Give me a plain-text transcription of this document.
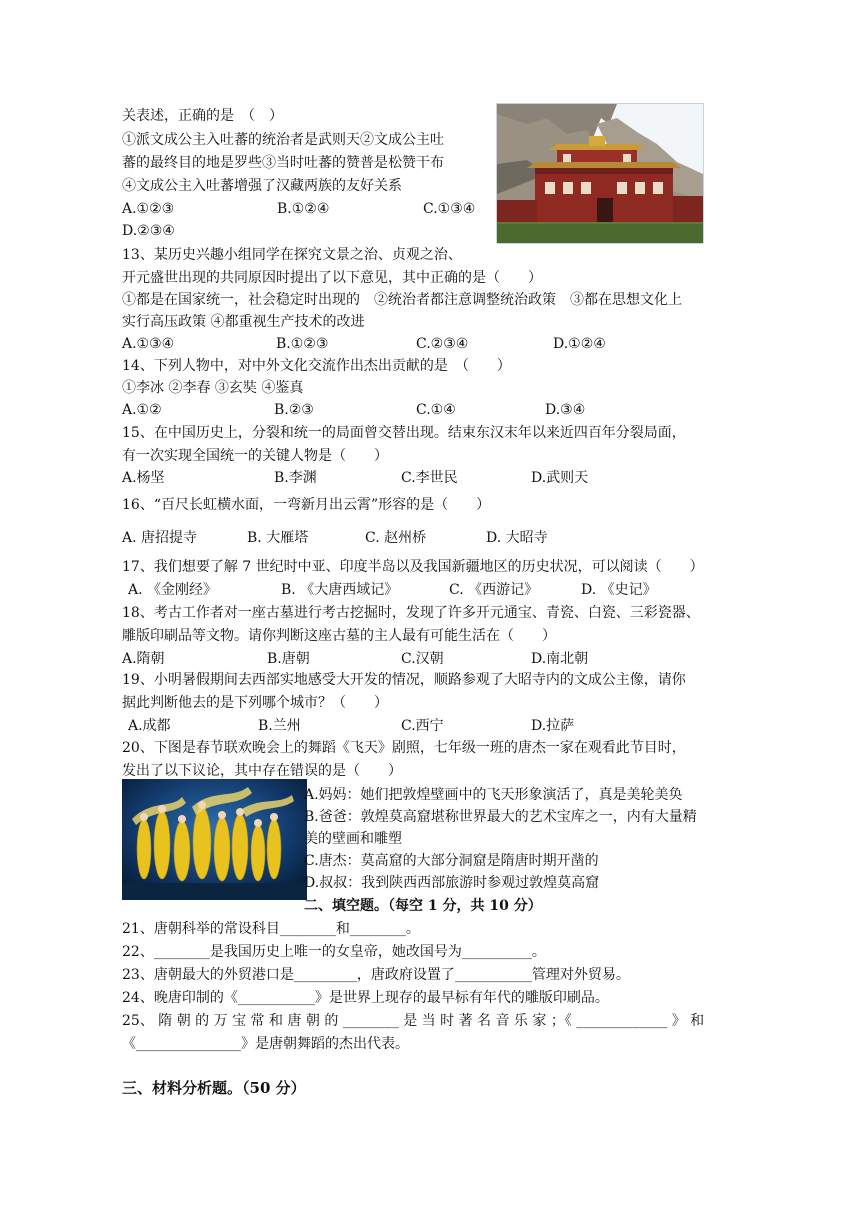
关表述，正确的是　（　）
①派文成公主入吐蕃的统治者是武则天②文成公主吐
蕃的最终目的地是罗些③当时吐蕃的赞普是松赞干布
④文成公主入吐蕃增强了汉藏两族的友好关系
A.①②③	B.①②④	C.①③④
D.②③④
13、某历史兴趣小组同学在探究文景之治、贞观之治、
开元盛世出现的共同原因时提出了以下意见，其中正确的是（　　）
①都是在国家统一，社会稳定时出现的　②统治者都注意调整统治政策　③都在思想文化上
实行高压政策 ④都重视生产技术的改进
A.①③④	B.①②③	C.②③④	D.①②④
14、下列人物中，对中外文化交流作出杰出贡献的是　（　　）
①李冰 ②李春 ③玄奘 ④鉴真
A.①②	B.②③	C.①④	D.③④
15、在中国历史上，分裂和统一的局面曾交替出现。结束东汉末年以来近四百年分裂局面，
有一次实现全国统一的关键人物是（　　）
A.杨坚	B.李渊	C.李世民	D.武则天
16、“百尺长虹横水面，一弯新月出云霄”形容的是（　　）
A. 唐招提寺	B. 大雁塔	C. 赵州桥	D. 大昭寺
17、我们想要了解 7 世纪时中亚、印度半岛以及我国新疆地区的历史状况，可以阅读（　　）
A. 《金刚经》	B. 《大唐西域记》	C. 《西游记》	D. 《史记》
18、考古工作者对一座古墓进行考古挖掘时，发现了许多开元通宝、青瓷、白瓷、三彩瓷器、
雕版印刷品等文物。请你判断这座古墓的主人最有可能生活在（　　）
A.隋朝	B.唐朝	C.汉朝	D.南北朝
19、小明暑假期间去西部实地感受大开发的情况，顺路参观了大昭寺内的文成公主像，请你
据此判断他去的是下列哪个城市？（　　）
A.成都	B.兰州	C.西宁	D.拉萨
20、下图是春节联欢晚会上的舞蹈《飞天》剧照，七年级一班的唐杰一家在观看此节目时，
发出了以下议论，其中存在错误的是（　　）
A.妈妈：她们把敦煌壁画中的飞天形象演活了，真是美轮美奂
B.爸爸：敦煌莫高窟堪称世界最大的艺术宝库之一，内有大量精
美的壁画和雕塑
C.唐杰：莫高窟的大部分洞窟是隋唐时期开凿的
D.叔叔：我到陕西西部旅游时参观过敦煌莫高窟
二、填空题。（每空 1 分，共 10 分）
21、唐朝科举的常设科目________和________。
22、________是我国历史上唯一的女皇帝，她改国号为__________。
23、唐朝最大的外贸港口是_________，唐政府设置了___________管理对外贸易。
24、晚唐印制的《___________》是世界上现存的最早标有年代的雕版印刷品。
25、 隋 朝 的 万 宝 常 和 唐 朝 的 ________ 是 当 时 著 名 音 乐 家 ；《 _____________ 》 和
《_______________》是唐朝舞蹈的杰出代表。
三、材料分析题。（50 分）
